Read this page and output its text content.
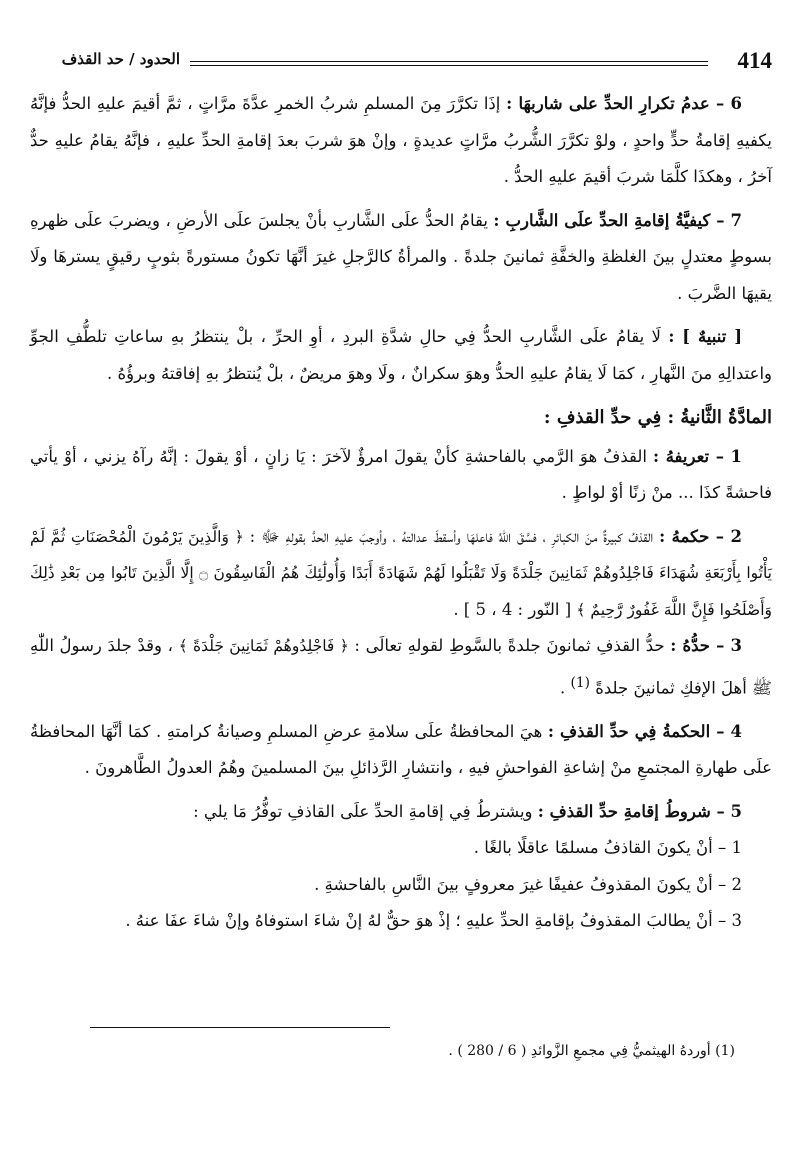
الحدود / حد القذف	414

6 – عدمُ تكرارِ الحدِّ على شاربهَا : إذَا تكرَّرَ مِنَ المسلمِ شربُ الخمرِ عدَّةَ مرَّاتٍ ، ثمَّ أقيمَ عليهِ الحدُّ فإنَّهُ يكفيهِ إقامةُ حدٍّ واحدٍ ، ولوْ تكرَّرَ الشُّربُ مرَّاتٍ عديدةٍ ، وإنْ هوَ شربَ بعدَ إقامةِ الحدِّ عليهِ ، فإنَّهُ يقامُ عليهِ حدٌّ آخرُ ، وهكذَا كلَّمَا شربَ أقيمَ عليهِ الحدُّ .

7 – كيفيَّةُ إقامةِ الحدِّ علَى الشَّاربِ : يقامُ الحدُّ علَى الشَّاربِ بأنْ يجلسَ علَى الأرضِ ، ويضربَ علَى ظهرهِ بسوطٍ معتدلٍ بينَ الغلظةِ والخفَّةِ ثمانينَ جلدةً . والمرأةُ كالرَّجلِ غيرَ أنَّهَا تكونُ مستورةً بثوبٍ رقيقٍ يسترهَا ولَا يقيهَا الضَّربَ .

[ تنبيهٌ ] : لَا يقامُ علَى الشَّاربِ الحدُّ فِي حالِ شدَّةِ البردِ ، أوِ الحرِّ ، بلْ ينتظرُ بهِ ساعاتِ تلطُّفِ الجوِّ واعتدالِهِ منَ النَّهارِ ، كمَا لَا يقامُ عليهِ الحدُّ وهوَ سكرانٌ ، ولَا وهوَ مريضٌ ، بلْ يُنتظرُ بهِ إفاقتهُ وبرؤُهُ .

المادَّةُ الثَّانيةُ : فِي حدِّ القذفِ :

1 – تعريفهُ : القذفُ هوَ الرَّمي بالفاحشةِ كأنْ يقولَ امرؤٌ لآخرَ : يَا زانٍ ، أوْ يقولَ : إنَّهُ رآهُ يزني ، أوْ يأتي فاحشةً كذَا ... منْ زنًا أوْ لواطٍ .

2 – حكمهُ : القذفُ كبيرةٌ منَ الكبائرِ ، فسَّقَ اللّٰهُ فاعلهَا وأسقطَ عدالتهُ ، وأوجبَ عليهِ الحدَّ بقولهِ ﷻ : ﴿ وَالَّذِينَ يَرْمُونَ الْمُحْصَنَاتِ ثُمَّ لَمْ يَأْتُوا بِأَرْبَعَةِ شُهَدَاءَ فَاجْلِدُوهُمْ ثَمَانِينَ جَلْدَةً وَلَا تَقْبَلُوا لَهُمْ شَهَادَةً أَبَدًا وَأُولَٰئِكَ هُمُ الْفَاسِقُونَ ۝ إِلَّا الَّذِينَ تَابُوا مِن بَعْدِ ذَٰلِكَ وَأَصْلَحُوا فَإِنَّ اللَّهَ غَفُورٌ رَّحِيمٌ ﴾ [ النّور : 4 ، 5 ] .

3 – حدُّهُ : حدُّ القذفِ ثمانونَ جلدةً بالسَّوطِ لقولهِ تعالَى : ﴿ فَاجْلِدُوهُمْ ثَمَانِينَ جَلْدَةً ﴾ ، وقدْ جلدَ رسولُ اللّٰهِ ﷺ أهلَ الإفكِ ثمانينَ جلدةً $^{(1)}$ .

4 – الحكمةُ فِي حدِّ القذفِ : هيَ المحافظةُ علَى سلامةِ عرضِ المسلمِ وصيانةُ كرامتهِ . كمَا أنَّهَا المحافظةُ علَى طهارةِ المجتمعِ منْ إشاعةِ الفواحشِ فيهِ ، وانتشارِ الرَّذائلِ بينَ المسلمينَ وهُمُ العدولُ الطَّاهرونَ .

5 – شروطُ إقامةِ حدِّ القذفِ : ويشترطُ فِي إقامةِ الحدِّ علَى القاذفِ توفُّرُ مَا يلي :

1 – أنْ يكونَ القاذفُ مسلمًا عاقلًا بالغًا .

2 – أنْ يكونَ المقذوفُ عفيفًا غيرَ معروفٍ بينَ النَّاسِ بالفاحشةِ .

3 – أنْ يطالبَ المقذوفُ بإقامةِ الحدِّ عليهِ ؛ إذْ هوَ حقٌّ لهُ إنْ شاءَ استوفاهُ وإنْ شاءَ عفَا عنهُ .

(1) أوردهُ الهيثميُّ فِي مجمعِ الزَّوائدِ ( 6 / 280 ) .
